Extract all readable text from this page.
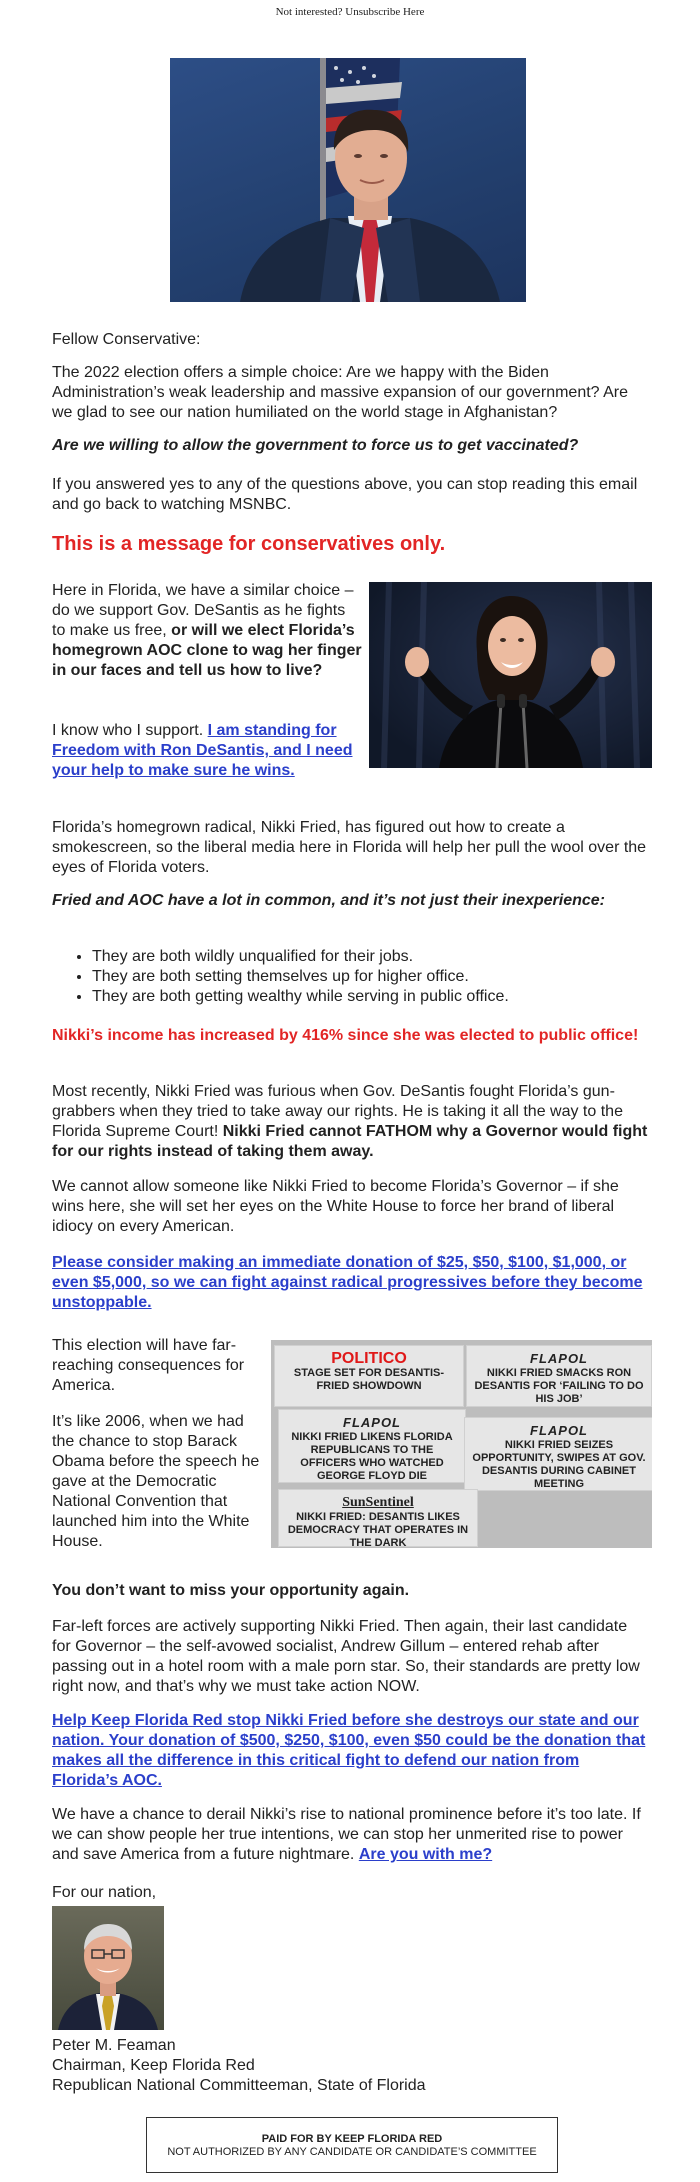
Not interested? Unsubscribe Here

Fellow Conservative:

The 2022 election offers a simple choice: Are we happy with the Biden Administration’s weak leadership and massive expansion of our government? Are we glad to see our nation humiliated on the world stage in Afghanistan?

Are we willing to allow the government to force us to get vaccinated?

If you answered yes to any of the questions above, you can stop reading this email and go back to watching MSNBC.

This is a message for conservatives only.

Here in Florida, we have a similar choice – do we support Gov. DeSantis as he fights to make us free, or will we elect Florida’s homegrown AOC clone to wag her finger in our faces and tell us how to live?

I know who I support. I am standing for Freedom with Ron DeSantis, and I need your help to make sure he wins.

Florida’s homegrown radical, Nikki Fried, has figured out how to create a smokescreen, so the liberal media here in Florida will help her pull the wool over the eyes of Florida voters.

Fried and AOC have a lot in common, and it’s not just their inexperience:

• They are both wildly unqualified for their jobs.
• They are both setting themselves up for higher office.
• They are both getting wealthy while serving in public office.

Nikki’s income has increased by 416% since she was elected to public office!

Most recently, Nikki Fried was furious when Gov. DeSantis fought Florida’s gun-grabbers when they tried to take away our rights. He is taking it all the way to the Florida Supreme Court! Nikki Fried cannot FATHOM why a Governor would fight for our rights instead of taking them away.

We cannot allow someone like Nikki Fried to become Florida’s Governor – if she wins here, she will set her eyes on the White House to force her brand of liberal idiocy on every American.

Please consider making an immediate donation of $25, $50, $100, $1,000, or even $5,000, so we can fight against radical progressives before they become unstoppable.

This election will have far-reaching consequences for America.

It’s like 2006, when we had the chance to stop Barack Obama before the speech he gave at the Democratic National Convention that launched him into the White House.

POLITICO
STAGE SET FOR DESANTIS-FRIED SHOWDOWN
FLAPOL
NIKKI FRIED SMACKS RON DESANTIS FOR ‘FAILING TO DO HIS JOB’
FLAPOL
NIKKI FRIED LIKENS FLORIDA REPUBLICANS TO THE OFFICERS WHO WATCHED GEORGE FLOYD DIE
FLAPOL
NIKKI FRIED SEIZES OPPORTUNITY, SWIPES AT GOV. DESANTIS DURING CABINET MEETING
SunSentinel
NIKKI FRIED: DESANTIS LIKES DEMOCRACY THAT OPERATES IN THE DARK

You don’t want to miss your opportunity again.

Far-left forces are actively supporting Nikki Fried. Then again, their last candidate for Governor – the self-avowed socialist, Andrew Gillum – entered rehab after passing out in a hotel room with a male porn star. So, their standards are pretty low right now, and that’s why we must take action NOW.

Help Keep Florida Red stop Nikki Fried before she destroys our state and our nation. Your donation of $500, $250, $100, even $50 could be the donation that makes all the difference in this critical fight to defend our nation from Florida’s AOC.

We have a chance to derail Nikki’s rise to national prominence before it’s too late. If we can show people her true intentions, we can stop her unmerited rise to power and save America from a future nightmare. Are you with me?

For our nation,

Peter M. Feaman

Chairman, Keep Florida Red

Republican National Committeeman, State of Florida

PAID FOR BY KEEP FLORIDA RED
NOT AUTHORIZED BY ANY CANDIDATE OR CANDIDATE’S COMMITTEE
